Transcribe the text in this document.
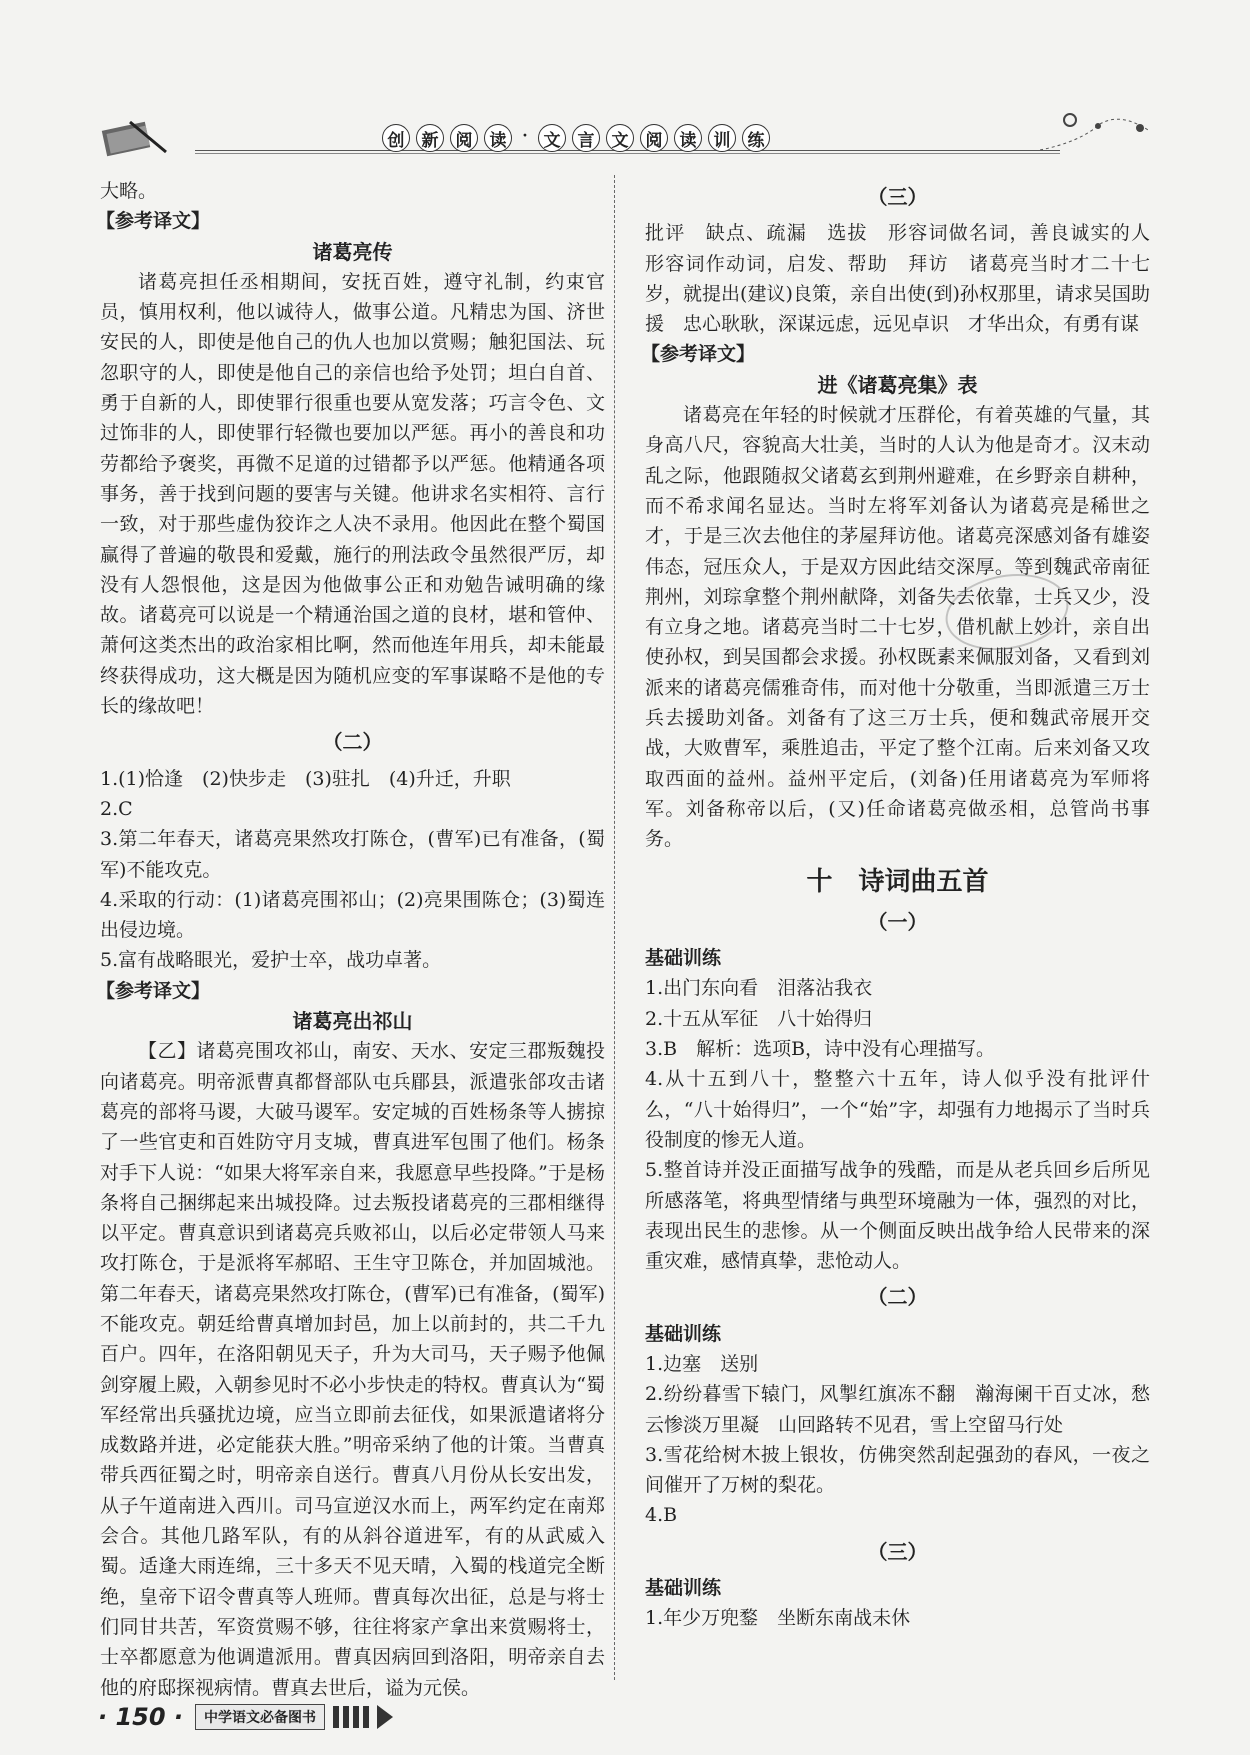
创	新	阅	读 · 文	言	文	阅	读	训	练

大略。

【参考译文】

诸葛亮传

诸葛亮担任丞相期间，安抚百姓，遵守礼制，约束官员，慎用权利，他以诚待人，做事公道。凡精忠为国、济世安民的人，即使是他自己的仇人也加以赏赐；触犯国法、玩忽职守的人，即使是他自己的亲信也给予处罚；坦白自首、勇于自新的人，即使罪行很重也要从宽发落；巧言令色、文过饰非的人，即使罪行轻微也要加以严惩。再小的善良和功劳都给予褒奖，再微不足道的过错都予以严惩。他精通各项事务，善于找到问题的要害与关键。他讲求名实相符、言行一致，对于那些虚伪狡诈之人决不录用。他因此在整个蜀国赢得了普遍的敬畏和爱戴，施行的刑法政令虽然很严厉，却没有人怨恨他，这是因为他做事公正和劝勉告诫明确的缘故。诸葛亮可以说是一个精通治国之道的良材，堪和管仲、萧何这类杰出的政治家相比啊，然而他连年用兵，却未能最终获得成功，这大概是因为随机应变的军事谋略不是他的专长的缘故吧！

（二）

1.(1)恰逢　(2)快步走　(3)驻扎　(4)升迁，升职

2.C

3.第二年春天，诸葛亮果然攻打陈仓，(曹军)已有准备，(蜀军)不能攻克。

4.采取的行动：(1)诸葛亮围祁山；(2)亮果围陈仓；(3)蜀连出侵边境。

5.富有战略眼光，爱护士卒，战功卓著。

【参考译文】

诸葛亮出祁山

【乙】诸葛亮围攻祁山，南安、天水、安定三郡叛魏投向诸葛亮。明帝派曹真都督部队屯兵郿县，派遣张郃攻击诸葛亮的部将马谡，大破马谡军。安定城的百姓杨条等人掳掠了一些官吏和百姓防守月支城，曹真进军包围了他们。杨条对手下人说：“如果大将军亲自来，我愿意早些投降。”于是杨条将自己捆绑起来出城投降。过去叛投诸葛亮的三郡相继得以平定。曹真意识到诸葛亮兵败祁山，以后必定带领人马来攻打陈仓，于是派将军郝昭、王生守卫陈仓，并加固城池。第二年春天，诸葛亮果然攻打陈仓，(曹军)已有准备，(蜀军)不能攻克。朝廷给曹真增加封邑，加上以前封的，共二千九百户。四年，在洛阳朝见天子，升为大司马，天子赐予他佩剑穿履上殿，入朝参见时不必小步快走的特权。曹真认为“蜀军经常出兵骚扰边境，应当立即前去征伐，如果派遣诸将分成数路并进，必定能获大胜。”明帝采纳了他的计策。当曹真带兵西征蜀之时，明帝亲自送行。曹真八月份从长安出发，从子午道南进入西川。司马宣逆汉水而上，两军约定在南郑会合。其他几路军队，有的从斜谷道进军，有的从武威入蜀。适逢大雨连绵，三十多天不见天晴，入蜀的栈道完全断绝，皇帝下诏令曹真等人班师。曹真每次出征，总是与将士们同甘共苦，军资赏赐不够，往往将家产拿出来赏赐将士，士卒都愿意为他调遣派用。曹真因病回到洛阳，明帝亲自去他的府邸探视病情。曹真去世后，谥为元侯。

（三）

批评　缺点、疏漏　选拔　形容词做名词，善良诚实的人　形容词作动词，启发、帮助　拜访　诸葛亮当时才二十七岁，就提出(建议)良策，亲自出使(到)孙权那里，请求吴国助援　忠心耿耿，深谋远虑，远见卓识　才华出众，有勇有谋

【参考译文】

进《诸葛亮集》表

诸葛亮在年轻的时候就才压群伦，有着英雄的气量，其身高八尺，容貌高大壮美，当时的人认为他是奇才。汉末动乱之际，他跟随叔父诸葛玄到荆州避难，在乡野亲自耕种，而不希求闻名显达。当时左将军刘备认为诸葛亮是稀世之才，于是三次去他住的茅屋拜访他。诸葛亮深感刘备有雄姿伟态，冠压众人，于是双方因此结交深厚。等到魏武帝南征荆州，刘琮拿整个荆州献降，刘备失去依靠，士兵又少，没有立身之地。诸葛亮当时二十七岁，借机献上妙计，亲自出使孙权，到吴国都会求援。孙权既素来佩服刘备，又看到刘派来的诸葛亮儒雅奇伟，而对他十分敬重，当即派遣三万士兵去援助刘备。刘备有了这三万士兵，便和魏武帝展开交战，大败曹军，乘胜追击，平定了整个江南。后来刘备又攻取西面的益州。益州平定后，(刘备)任用诸葛亮为军师将军。刘备称帝以后，(又)任命诸葛亮做丞相，总管尚书事务。

十　诗词曲五首

（一）

基础训练

1.出门东向看　泪落沾我衣

2.十五从军征　八十始得归

3.B　解析：选项B，诗中没有心理描写。

4.从十五到八十，整整六十五年，诗人似乎没有批评什么，“八十始得归”，一个“始”字，却强有力地揭示了当时兵役制度的惨无人道。

5.整首诗并没正面描写战争的残酷，而是从老兵回乡后所见所感落笔，将典型情绪与典型环境融为一体，强烈的对比，表现出民生的悲惨。从一个侧面反映出战争给人民带来的深重灾难，感情真挚，悲怆动人。

（二）

基础训练

1.边塞　送别

2.纷纷暮雪下辕门，风掣红旗冻不翻　瀚海阑干百丈冰，愁云惨淡万里凝　山回路转不见君，雪上空留马行处

3.雪花给树木披上银妆，仿佛突然刮起强劲的春风，一夜之间催开了万树的梨花。

4.B

（三）

基础训练

1.年少万兜鍪　坐断东南战未休

· 150 ·	中学语文必备图书
